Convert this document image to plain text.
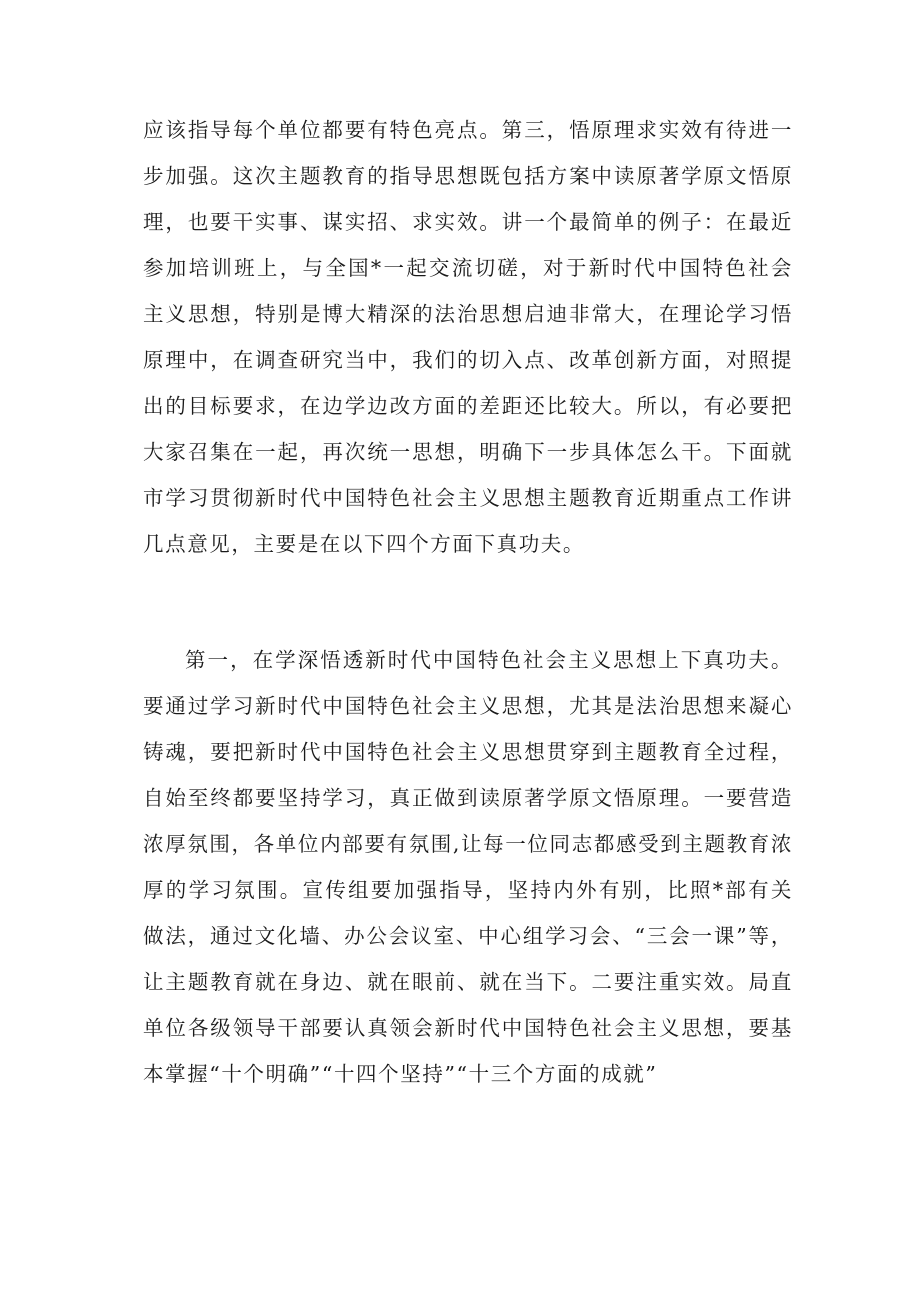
应该指导每个单位都要有特色亮点。第三，悟原理求实效有待进一步加强。这次主题教育的指导思想既包括方案中读原著学原文悟原理，也要干实事、谋实招、求实效。讲一个最简单的例子：在最近参加培训班上，与全国*一起交流切磋，对于新时代中国特色社会主义思想，特别是博大精深的法治思想启迪非常大，在理论学习悟原理中，在调查研究当中，我们的切入点、改革创新方面，对照提出的目标要求，在边学边改方面的差距还比较大。所以，有必要把大家召集在一起，再次统一思想，明确下一步具体怎么干。下面就市学习贯彻新时代中国特色社会主义思想主题教育近期重点工作讲几点意见，主要是在以下四个方面下真功夫。

第一，在学深悟透新时代中国特色社会主义思想上下真功夫。要通过学习新时代中国特色社会主义思想，尤其是法治思想来凝心铸魂，要把新时代中国特色社会主义思想贯穿到主题教育全过程，自始至终都要坚持学习，真正做到读原著学原文悟原理。一要营造浓厚氛围，各单位内部要有氛围,让每一位同志都感受到主题教育浓厚的学习氛围。宣传组要加强指导，坚持内外有别，比照*部有关做法，通过文化墙、办公会议室、中心组学习会、“三会一课”等，让主题教育就在身边、就在眼前、就在当下。二要注重实效。局直单位各级领导干部要认真领会新时代中国特色社会主义思想，要基本掌握“十个明确”“十四个坚持”“十三个方面的成就”
